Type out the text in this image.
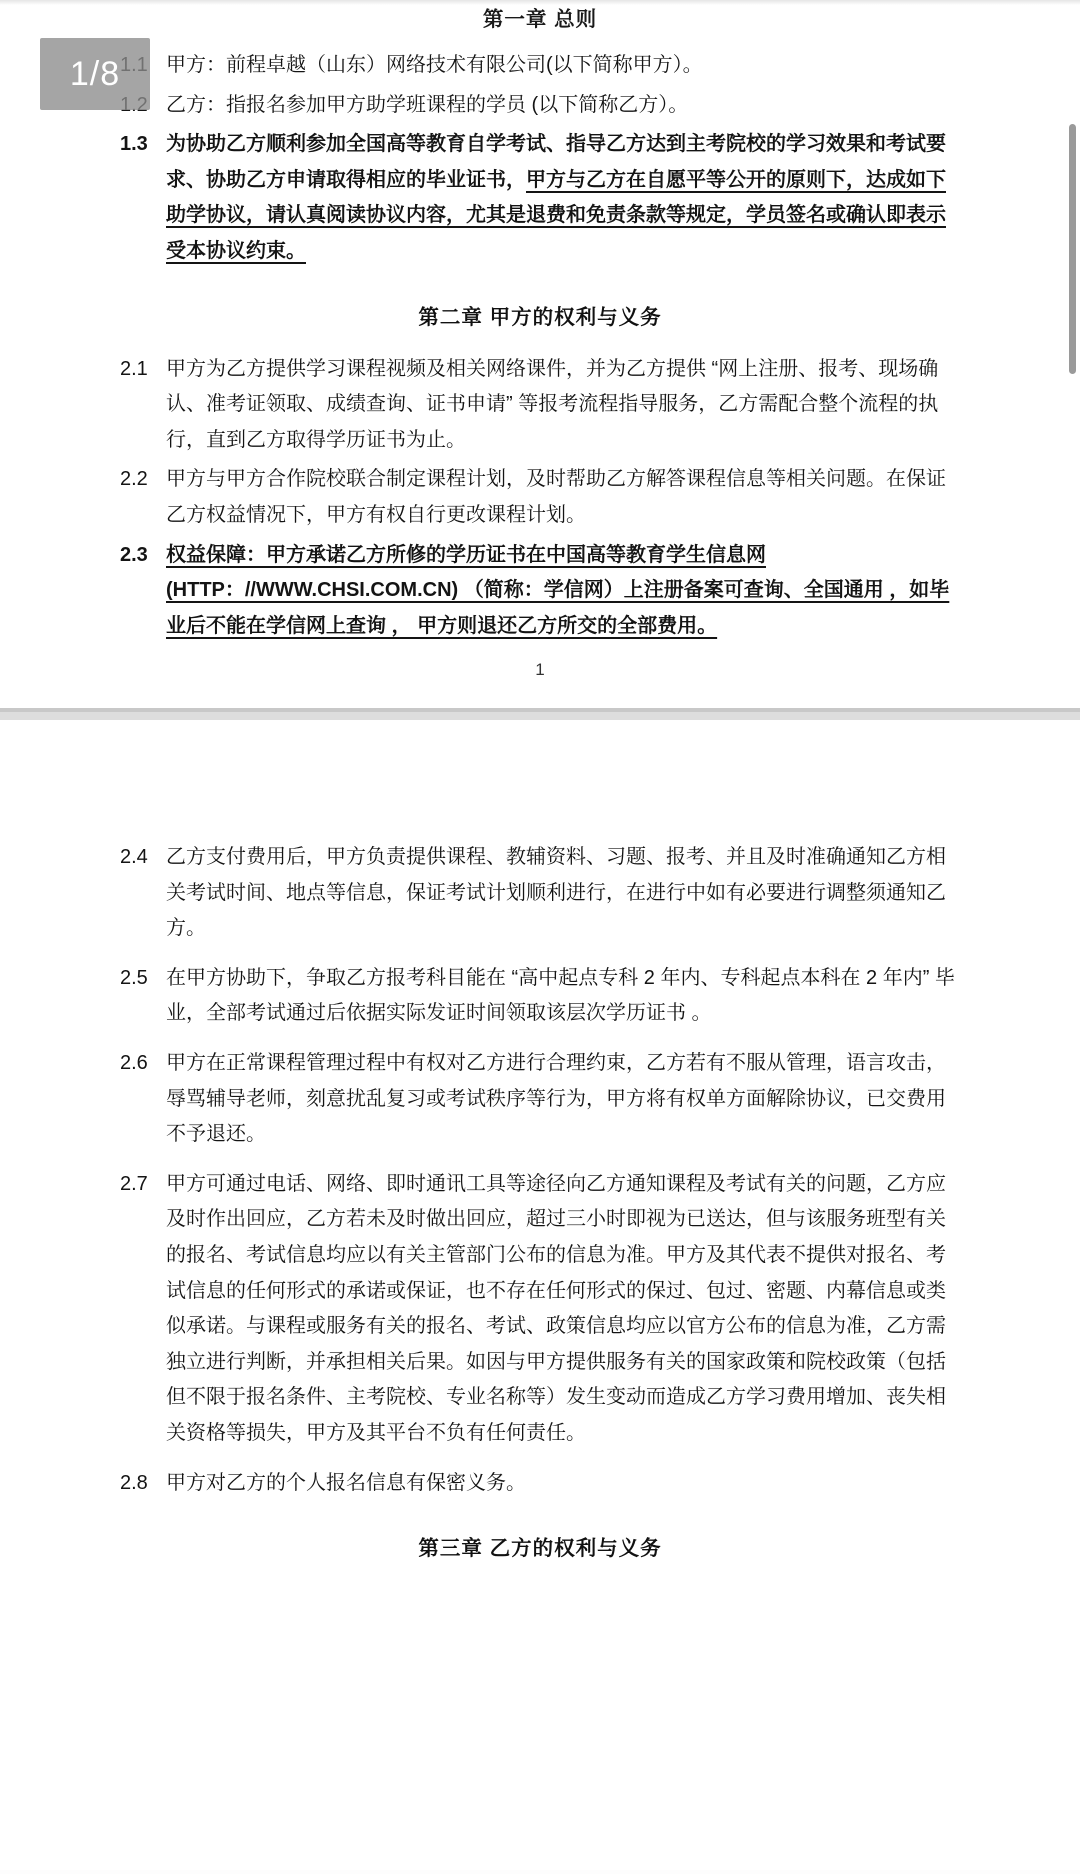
第一章 总则
甲方：前程卓越（山东）网络技术有限公司(以下简称甲方）。
乙方：指报名参加甲方助学班课程的学员 (以下简称乙方）。
1.3 为协助乙方顺利参加全国高等教育自学考试、指导乙方达到主考院校的学习效果和考试要求、协助乙方申请取得相应的毕业证书，甲方与乙方在自愿平等公开的原则下，达成如下助学协议，请认真阅读协议内容，尤其是退费和免责条款等规定，学员签名或确认即表示受本协议约束。
第二章 甲方的权利与义务
2.1 甲方为乙方提供学习课程视频及相关网络课件，并为乙方提供 “网上注册、报考、现场确认、准考证领取、成绩查询、证书申请” 等报考流程指导服务，乙方需配合整个流程的执行，直到乙方取得学历证书为止。
2.2 甲方与甲方合作院校联合制定课程计划，及时帮助乙方解答课程信息等相关问题。在保证乙方权益情况下，甲方有权自行更改课程计划。
2.3 权益保障：甲方承诺乙方所修的学历证书在中国高等教育学生信息网(HTTP：//WWW.CHSI.COM.CN) （简称：学信网）上注册备案可查询、全国通用 ，如毕业后不能在学信网上查询 ， 甲方则退还乙方所交的全部费用。
1
2.4 乙方支付费用后，甲方负责提供课程、教辅资料、习题、报考、并且及时准确通知乙方相关考试时间、地点等信息，保证考试计划顺利进行，在进行中如有必要进行调整须通知乙方。
2.5 在甲方协助下，争取乙方报考科目能在 “高中起点专科 2 年内、专科起点本科在 2 年内” 毕业，全部考试通过后依据实际发证时间领取该层次学历证书 。
2.6 甲方在正常课程管理过程中有权对乙方进行合理约束，乙方若有不服从管理，语言攻击，辱骂辅导老师，刻意扰乱复习或考试秩序等行为，甲方将有权单方面解除协议，已交费用不予退还。
2.7 甲方可通过电话、网络、即时通讯工具等途径向乙方通知课程及考试有关的问题，乙方应及时作出回应，乙方若未及时做出回应，超过三小时即视为已送达，但与该服务班型有关的报名、考试信息均应以有关主管部门公布的信息为准。甲方及其代表不提供对报名、考试信息的任何形式的承诺或保证，也不存在任何形式的保过、包过、密题、内幕信息或类似承诺。与课程或服务有关的报名、考试、政策信息均应以官方公布的信息为准，乙方需独立进行判断，并承担相关后果。如因与甲方提供服务有关的国家政策和院校政策（包括但不限于报名条件、主考院校、专业名称等）发生变动而造成乙方学习费用增加、丧失相关资格等损失，甲方及其平台不负有任何责任。
2.8 甲方对乙方的个人报名信息有保密义务。
第三章 乙方的权利与义务
1/8
